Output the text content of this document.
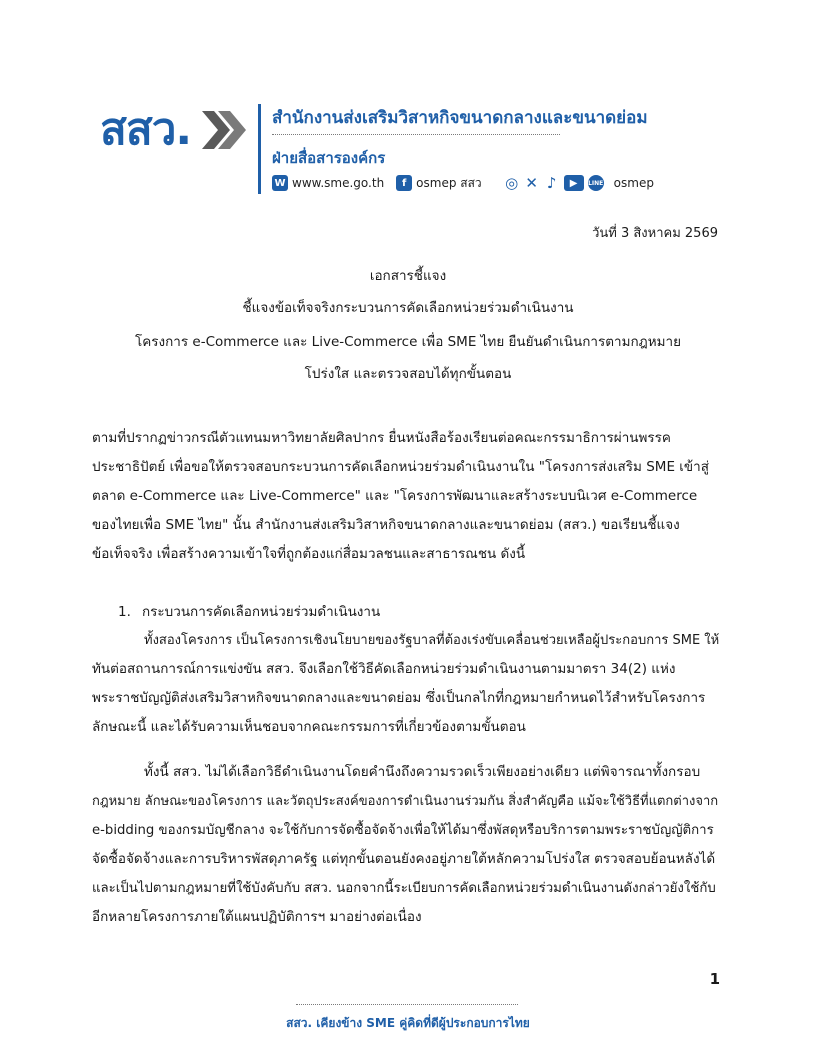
สสว.	สำนักงานส่งเสริมวิสาหกิจขนาดกลางและขนาดย่อม
ฝ่ายสื่อสารองค์กร
W www.sme.go.th	f osmep สสว ◎ ✕ ♪	▶	LINE osmep
วันที่ 3 สิงหาคม 2569
เอกสารชี้แจง
ชี้แจงข้อเท็จจริงกระบวนการคัดเลือกหน่วยร่วมดำเนินงาน
โครงการ e-Commerce และ Live-Commerce เพื่อ SME ไทย ยืนยันดำเนินการตามกฎหมาย
โปร่งใส และตรวจสอบได้ทุกขั้นตอน
ตามที่ปรากฏข่าวกรณีตัวแทนมหาวิทยาลัยศิลปากร ยื่นหนังสือร้องเรียนต่อคณะกรรมาธิการผ่านพรรค
ประชาธิปัตย์ เพื่อขอให้ตรวจสอบกระบวนการคัดเลือกหน่วยร่วมดำเนินงานใน "โครงการส่งเสริม SME เข้าสู่
ตลาด e-Commerce และ Live-Commerce" และ "โครงการพัฒนาและสร้างระบบนิเวศ e-Commerce
ของไทยเพื่อ SME ไทย" นั้น สำนักงานส่งเสริมวิสาหกิจขนาดกลางและขนาดย่อม (สสว.) ขอเรียนชี้แจง
ข้อเท็จจริง เพื่อสร้างความเข้าใจที่ถูกต้องแก่สื่อมวลชนและสาธารณชน ดังนี้
1. กระบวนการคัดเลือกหน่วยร่วมดำเนินงาน
ทั้งสองโครงการ เป็นโครงการเชิงนโยบายของรัฐบาลที่ต้องเร่งขับเคลื่อนช่วยเหลือผู้ประกอบการ SME ให้
ทันต่อสถานการณ์การแข่งขัน สสว. จึงเลือกใช้วิธีคัดเลือกหน่วยร่วมดำเนินงานตามมาตรา 34(2) แห่ง
พระราชบัญญัติส่งเสริมวิสาหกิจขนาดกลางและขนาดย่อม ซึ่งเป็นกลไกที่กฎหมายกำหนดไว้สำหรับโครงการ
ลักษณะนี้ และได้รับความเห็นชอบจากคณะกรรมการที่เกี่ยวข้องตามขั้นตอน
ทั้งนี้ สสว. ไม่ได้เลือกวิธีดำเนินงานโดยคำนึงถึงความรวดเร็วเพียงอย่างเดียว แต่พิจารณาทั้งกรอบ
กฎหมาย ลักษณะของโครงการ และวัตถุประสงค์ของการดำเนินงานร่วมกัน สิ่งสำคัญคือ แม้จะใช้วิธีที่แตกต่างจาก
e-bidding ของกรมบัญชีกลาง จะใช้กับการจัดซื้อจัดจ้างเพื่อให้ได้มาซึ่งพัสดุหรือบริการตามพระราชบัญญัติการ
จัดซื้อจัดจ้างและการบริหารพัสดุภาครัฐ แต่ทุกขั้นตอนยังคงอยู่ภายใต้หลักความโปร่งใส ตรวจสอบย้อนหลังได้
และเป็นไปตามกฎหมายที่ใช้บังคับกับ สสว. นอกจากนี้ระเบียบการคัดเลือกหน่วยร่วมดำเนินงานดังกล่าวยังใช้กับ
อีกหลายโครงการภายใต้แผนปฏิบัติการฯ มาอย่างต่อเนื่อง
1
สสว. เคียงข้าง SME คู่คิดที่ดีผู้ประกอบการไทย
